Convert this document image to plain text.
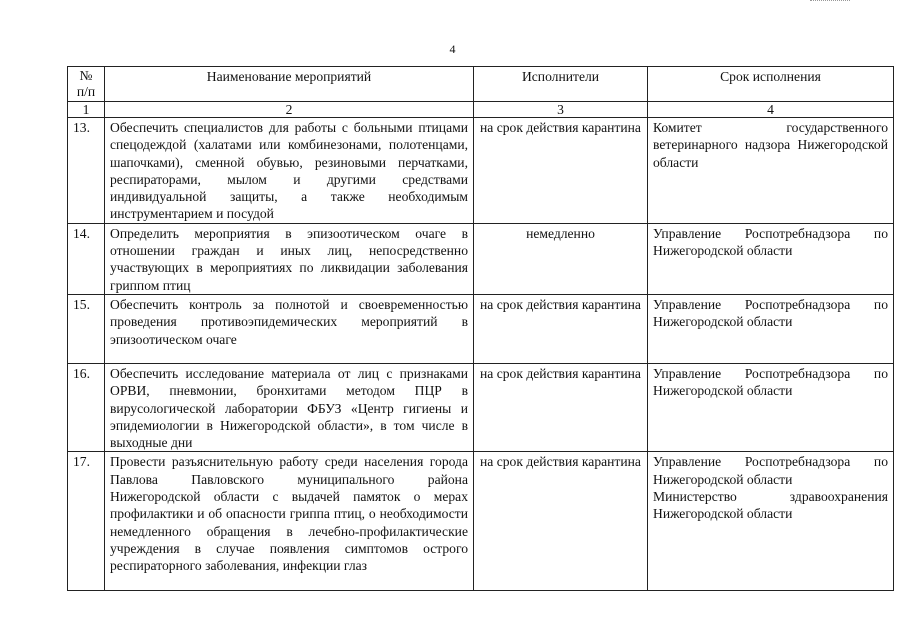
4
№ п/п	Наименование мероприятий	Исполнители	Срок исполнения
1	2	3	4
13.	Обеспечить специалистов для работы с больными птицами спецодеждой (халатами или комбинезонами, полотенцами, шапочками), сменной обувью, резиновыми перчатками, респираторами, мылом и другими средствами индивидуальной защиты, а также необходимым инструментарием и посудой	на срок действия карантина	Комитет государственного ветеринарного надзора Нижегородской области

14.	Определить мероприятия в эпизоотическом очаге в отношении граждан и иных лиц, непосредственно участвующих в мероприятиях по ликвидации заболевания гриппом птиц	немедленно	Управление Роспотребнадзора по Нижегородской области

15.	Обеспечить контроль за полнотой и своевременностью проведения противоэпидемических мероприятий в эпизоотическом очаге	на срок действия карантина	Управление Роспотребнадзора по Нижегородской области

16.	Обеспечить исследование материала от лиц с признаками ОРВИ, пневмонии, бронхитами методом ПЦР в вирусологической лаборатории ФБУЗ «Центр гигиены и эпидемиологии в Нижегородской области», в том числе в выходные дни	на срок действия карантина	Управление Роспотребнадзора по Нижегородской области

17.	Провести разъяснительную работу среди населения города Павлова Павловского муниципального района Нижегородской области с выдачей памяток о мерах профилактики и об опасности гриппа птиц, о необходимости немедленного обращения в лечебно-профилактические учреждения в случае появления симптомов острого респираторного заболевания, инфекции глаз	на срок действия карантина	Управление Роспотребнадзора по Нижегородской области
Министерство здравоохранения Нижегородской области
